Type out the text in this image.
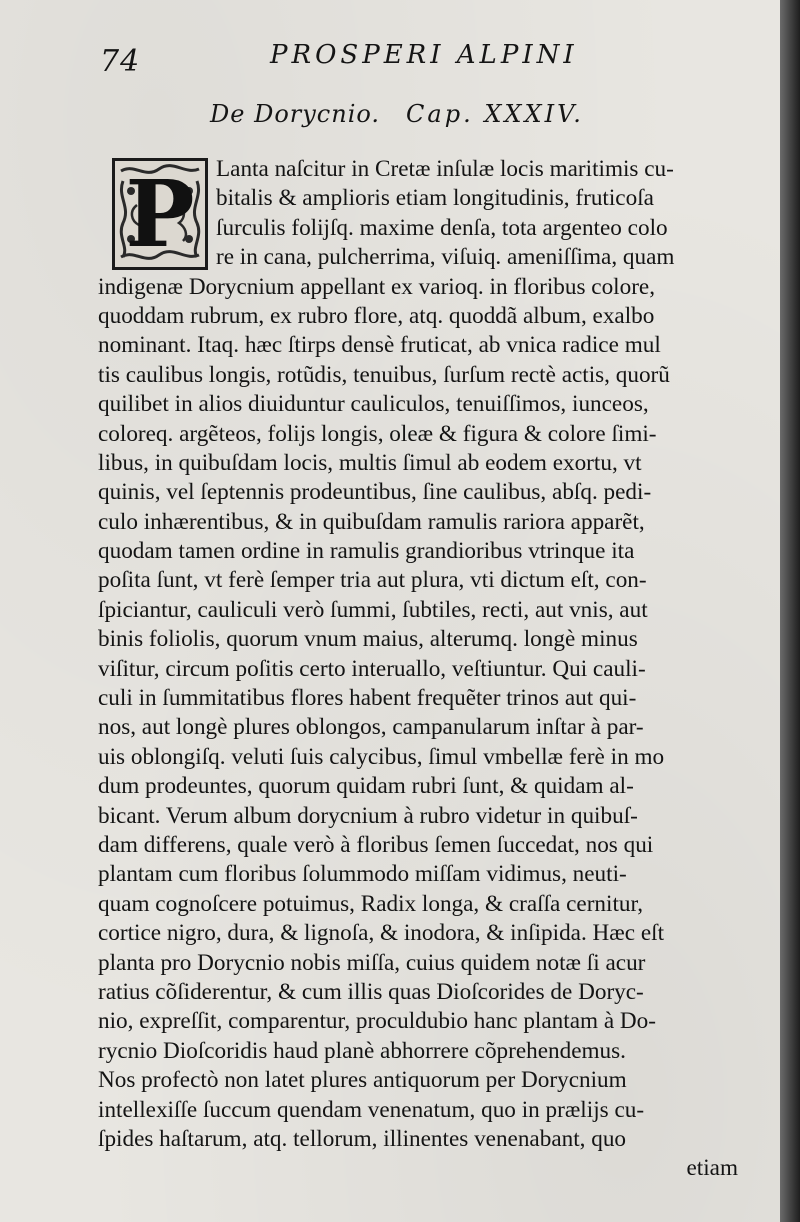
74	PROSPERI ALPINI
De Dorycnio. Cap. XXXIV.
P Lanta naſcitur in Cretæ inſulæ locis maritimis cu-
bitalis & amplioris etiam longitudinis, fruticoſa
ſurculis folijſq. maxime denſa, tota argenteo colo
re in cana, pulcherrima, viſuiq. ameniſſima, quam
indigenæ Dorycnium appellant ex varioq. in floribus colore,
quoddam rubrum, ex rubro flore, atq. quoddã album, exalbo
nominant. Itaq. hæc ſtirps densè fruticat, ab vnica radice mul
tis caulibus longis, rotũdis, tenuibus, ſurſum rectè actis, quorũ
quilibet in alios diuiduntur cauliculos, tenuiſſimos, iunceos,
coloreq. argẽteos, folijs longis, oleæ & figura & colore ſimi-
libus, in quibuſdam locis, multis ſimul ab eodem exortu, vt
quinis, vel ſeptennis prodeuntibus, ſine caulibus, abſq. pedi-
culo inhærentibus, & in quibuſdam ramulis rariora apparẽt,
quodam tamen ordine in ramulis grandioribus vtrinque ita
poſita ſunt, vt ferè ſemper tria aut plura, vti dictum eſt, con-
ſpiciantur, cauliculi verò ſummi, ſubtiles, recti, aut vnis, aut
binis foliolis, quorum vnum maius, alterumq. longè minus
viſitur, circum poſitis certo interuallo, veſtiuntur. Qui cauli-
culi in ſummitatibus flores habent frequẽter trinos aut qui-
nos, aut longè plures oblongos, campanularum inſtar à par-
uis oblongiſq. veluti ſuis calycibus, ſimul vmbellæ ferè in mo
dum prodeuntes, quorum quidam rubri ſunt, & quidam al-
bicant. Verum album dorycnium à rubro videtur in quibuſ-
dam differens, quale verò à floribus ſemen ſuccedat, nos qui
plantam cum floribus ſolummodo miſſam vidimus, neuti-
quam cognoſcere potuimus, Radix longa, & craſſa cernitur,
cortice nigro, dura, & lignoſa, & inodora, & inſipida. Hæc eſt
planta pro Dorycnio nobis miſſa, cuius quidem notæ ſi acur
ratius cõſiderentur, & cum illis quas Dioſcorides de Doryc-
nio, expreſſit, comparentur, proculdubio hanc plantam à Do-
rycnio Dioſcoridis haud planè abhorrere cõprehendemus.
Nos profectò non latet plures antiquorum per Dorycnium
intellexiſſe ſuccum quendam venenatum, quo in prælijs cu-
ſpides haſtarum, atq. tellorum, illinentes venenabant, quo
etiam
